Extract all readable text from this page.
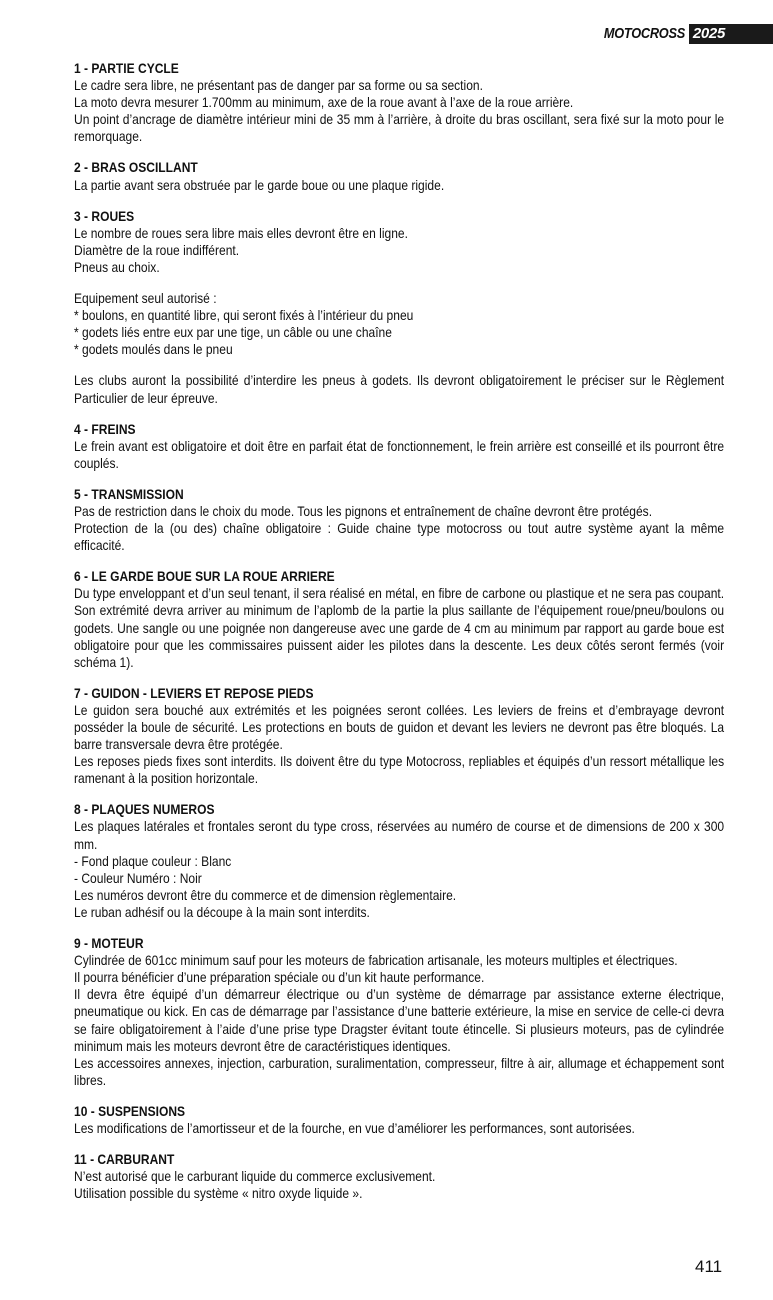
MOTOCROSS 2025
1 - PARTIE CYCLE
Le cadre sera libre, ne présentant pas de danger par sa forme ou sa section.
La moto devra mesurer 1.700mm au minimum, axe de la roue avant à l’axe de la roue arrière.
Un point d’ancrage de diamètre intérieur mini de 35 mm à l’arrière, à droite du bras oscillant, sera fixé sur la moto pour le remorquage.
2 - BRAS OSCILLANT
La partie avant sera obstruée par le garde boue ou une plaque rigide.
3 - ROUES
Le nombre de roues sera libre mais elles devront être en ligne.
Diamètre de la roue indifférent.
Pneus au choix.
Equipement seul autorisé :
* boulons, en quantité libre, qui seront fixés à l’intérieur du pneu
* godets liés entre eux par une tige, un câble ou une chaîne
* godets moulés dans le pneu
Les clubs auront la possibilité d’interdire les pneus à godets. Ils devront obligatoirement le préciser sur le Règlement Particulier de leur épreuve.
4 - FREINS
Le frein avant est obligatoire et doit être en parfait état de fonctionnement, le frein arrière est conseillé et ils pourront être couplés.
5 - TRANSMISSION
Pas de restriction dans le choix du mode. Tous les pignons et entraînement de chaîne devront être protégés.
Protection de la (ou des) chaîne obligatoire : Guide chaine type motocross ou tout autre système ayant la même efficacité.
6 - LE GARDE BOUE SUR LA ROUE ARRIERE
Du type enveloppant et d’un seul tenant, il sera réalisé en métal, en fibre de carbone ou plastique et ne sera pas coupant. Son extrémité devra arriver au minimum de l’aplomb de la partie la plus saillante de l’équipement roue/pneu/boulons ou godets. Une sangle ou une poignée non dangereuse avec une garde de 4 cm au minimum par rapport au garde boue est obligatoire pour que les commissaires puissent aider les pilotes dans la descente. Les deux côtés seront fermés (voir schéma 1).
7 - GUIDON - LEVIERS ET REPOSE PIEDS
Le guidon sera bouché aux extrémités et les poignées seront collées. Les leviers de freins et d’embrayage devront posséder la boule de sécurité. Les protections en bouts de guidon et devant les leviers ne devront pas être bloqués. La barre transversale devra être protégée.
Les reposes pieds fixes sont interdits. Ils doivent être du type Motocross, repliables et équipés d’un ressort métallique les ramenant à la position horizontale.
8 - PLAQUES NUMEROS
Les plaques latérales et frontales seront du type cross, réservées au numéro de course et de dimensions de 200 x 300 mm.
- Fond plaque couleur : Blanc
- Couleur Numéro : Noir
Les numéros devront être du commerce et de dimension règlementaire.
Le ruban adhésif ou la découpe à la main sont interdits.
9 - MOTEUR
Cylindrée de 601cc minimum sauf pour les moteurs de fabrication artisanale, les moteurs multiples et électriques.
Il pourra bénéficier d’une préparation spéciale ou d’un kit haute performance.
Il devra être équipé d’un démarreur électrique ou d’un système de démarrage par assistance externe électrique, pneumatique ou kick. En cas de démarrage par l’assistance d’une batterie extérieure, la mise en service de celle-ci devra se faire obligatoirement à l’aide d’une prise type Dragster évitant toute étincelle. Si plusieurs moteurs, pas de cylindrée minimum mais les moteurs devront être de caractéristiques identiques.
Les accessoires annexes, injection, carburation, suralimentation, compresseur, filtre à air, allumage et échappement sont libres.
10 - SUSPENSIONS
Les modifications de l’amortisseur et de la fourche, en vue d’améliorer les performances, sont autorisées.
11 - CARBURANT
N’est autorisé que le carburant liquide du commerce exclusivement.
Utilisation possible du système « nitro oxyde liquide ».
411
